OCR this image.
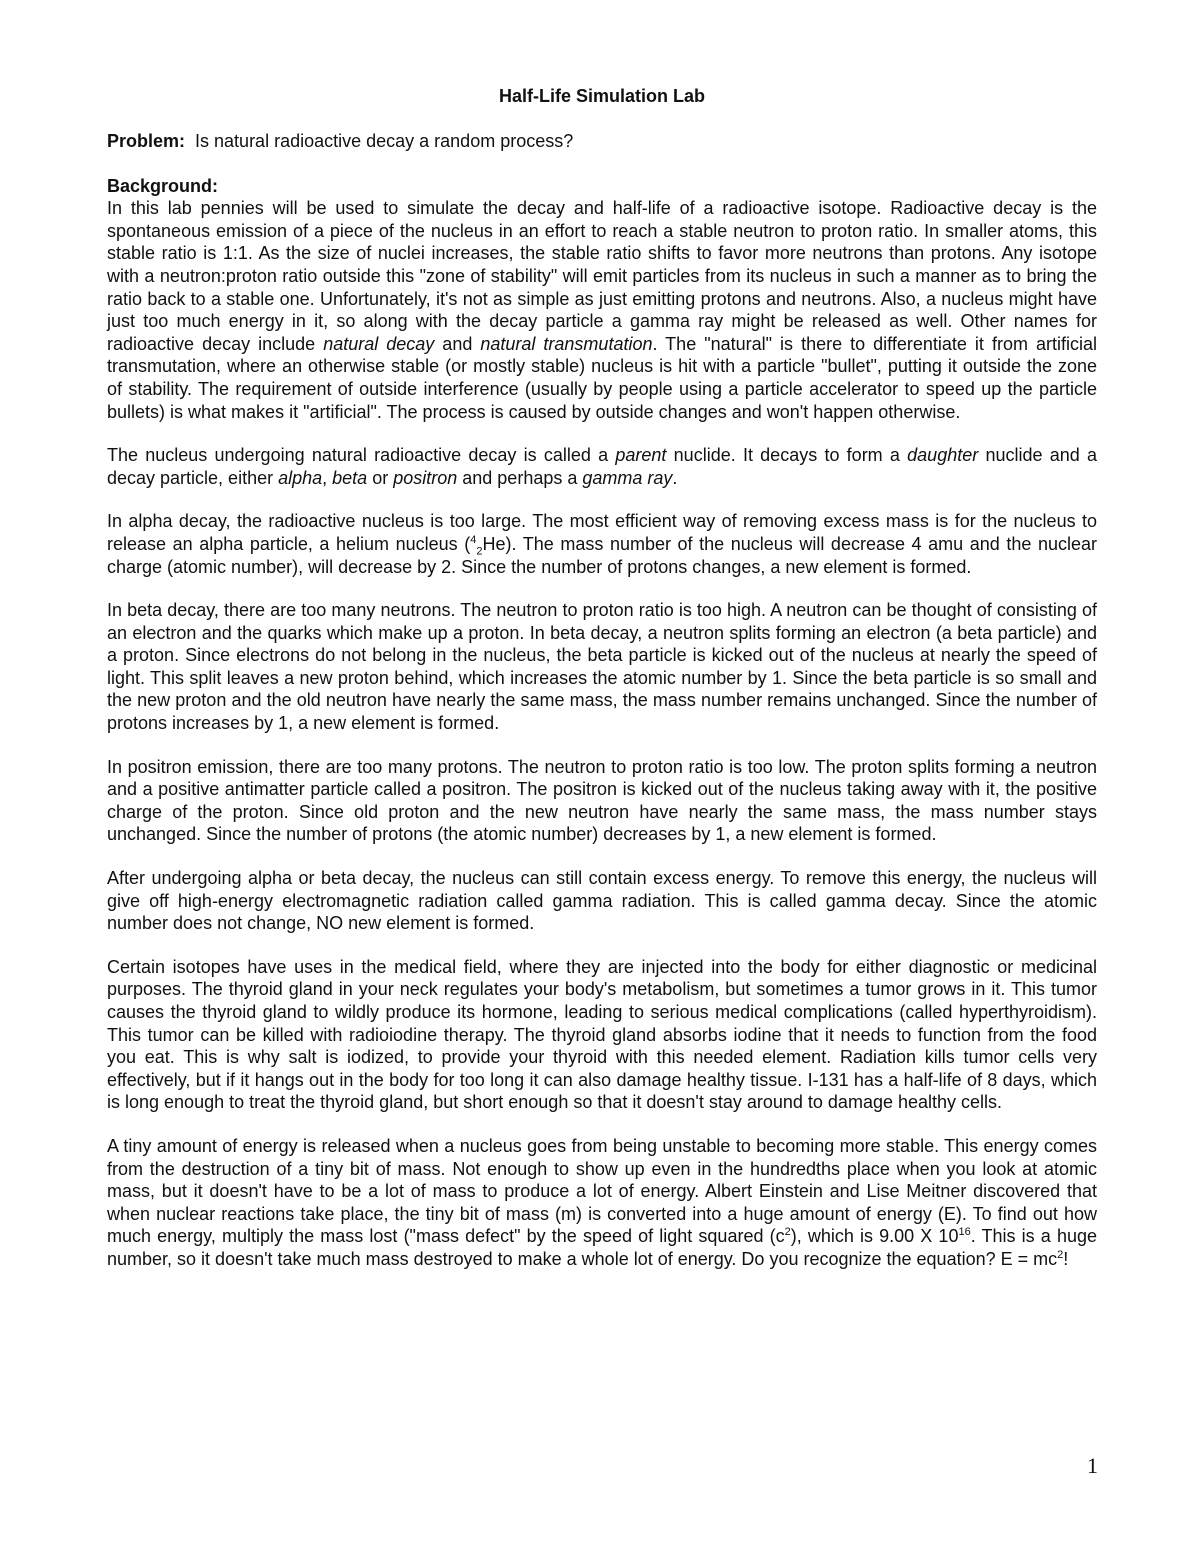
Half-Life Simulation Lab

Problem: Is natural radioactive decay a random process?

Background:

In this lab pennies will be used to simulate the decay and half-life of a radioactive isotope. Radioactive decay is the spontaneous emission of a piece of the nucleus in an effort to reach a stable neutron to proton ratio. In smaller atoms, this stable ratio is 1:1. As the size of nuclei increases, the stable ratio shifts to favor more neutrons than protons. Any isotope with a neutron:proton ratio outside this "zone of stability" will emit particles from its nucleus in such a manner as to bring the ratio back to a stable one. Unfortunately, it's not as simple as just emitting protons and neutrons. Also, a nucleus might have just too much energy in it, so along with the decay particle a gamma ray might be released as well. Other names for radioactive decay include natural decay and natural transmutation. The "natural" is there to differentiate it from artificial transmutation, where an otherwise stable (or mostly stable) nucleus is hit with a particle "bullet", putting it outside the zone of stability. The requirement of outside interference (usually by people using a particle accelerator to speed up the particle bullets) is what makes it "artificial". The process is caused by outside changes and won't happen otherwise.

The nucleus undergoing natural radioactive decay is called a parent nuclide. It decays to form a daughter nuclide and a decay particle, either alpha, beta or positron and perhaps a gamma ray.

In alpha decay, the radioactive nucleus is too large. The most efficient way of removing excess mass is for the nucleus to release an alpha particle, a helium nucleus ($^4_2$He). The mass number of the nucleus will decrease 4 amu and the nuclear charge (atomic number), will decrease by 2. Since the number of protons changes, a new element is formed.

In beta decay, there are too many neutrons. The neutron to proton ratio is too high. A neutron can be thought of consisting of an electron and the quarks which make up a proton. In beta decay, a neutron splits forming an electron (a beta particle) and a proton. Since electrons do not belong in the nucleus, the beta particle is kicked out of the nucleus at nearly the speed of light. This split leaves a new proton behind, which increases the atomic number by 1. Since the beta particle is so small and the new proton and the old neutron have nearly the same mass, the mass number remains unchanged. Since the number of protons increases by 1, a new element is formed.

In positron emission, there are too many protons. The neutron to proton ratio is too low. The proton splits forming a neutron and a positive antimatter particle called a positron. The positron is kicked out of the nucleus taking away with it, the positive charge of the proton. Since old proton and the new neutron have nearly the same mass, the mass number stays unchanged. Since the number of protons (the atomic number) decreases by 1, a new element is formed.

After undergoing alpha or beta decay, the nucleus can still contain excess energy. To remove this energy, the nucleus will give off high-energy electromagnetic radiation called gamma radiation. This is called gamma decay. Since the atomic number does not change, NO new element is formed.

Certain isotopes have uses in the medical field, where they are injected into the body for either diagnostic or medicinal purposes. The thyroid gland in your neck regulates your body's metabolism, but sometimes a tumor grows in it. This tumor causes the thyroid gland to wildly produce its hormone, leading to serious medical complications (called hyperthyroidism). This tumor can be killed with radioiodine therapy. The thyroid gland absorbs iodine that it needs to function from the food you eat. This is why salt is iodized, to provide your thyroid with this needed element. Radiation kills tumor cells very effectively, but if it hangs out in the body for too long it can also damage healthy tissue. I-131 has a half-life of 8 days, which is long enough to treat the thyroid gland, but short enough so that it doesn't stay around to damage healthy cells.

A tiny amount of energy is released when a nucleus goes from being unstable to becoming more stable. This energy comes from the destruction of a tiny bit of mass. Not enough to show up even in the hundredths place when you look at atomic mass, but it doesn't have to be a lot of mass to produce a lot of energy. Albert Einstein and Lise Meitner discovered that when nuclear reactions take place, the tiny bit of mass (m) is converted into a huge amount of energy (E). To find out how much energy, multiply the mass lost ("mass defect" by the speed of light squared $(c^2)$, which is 9.00 X $10^{16}$. This is a huge number, so it doesn't take much mass destroyed to make a whole lot of energy. Do you recognize the equation? $E = mc^2$!

1
